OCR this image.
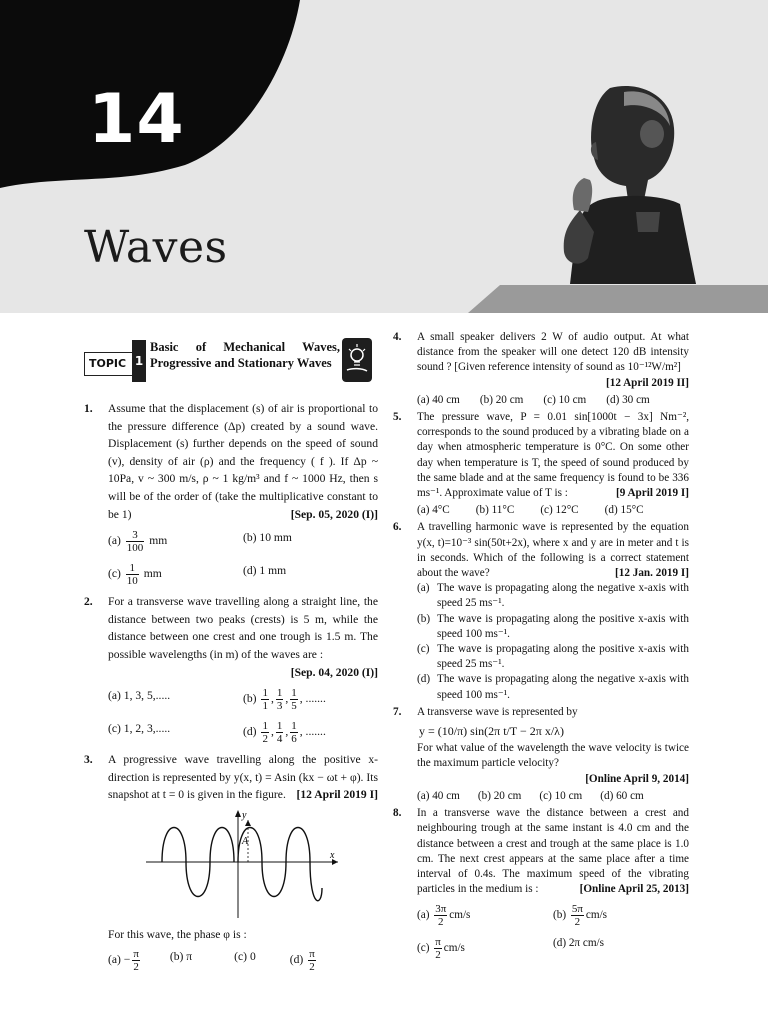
14
Waves
TOPIC 1
Basic of Mechanical Waves, Progressive and Stationary Waves
1. Assume that the displacement (s) of air is proportional to the pressure difference (Δp) created by a sound wave. Displacement (s) further depends on the speed of sound (v), density of air (ρ) and the frequency ( f ). If Δp ~ 10Pa, v ~ 300 m/s, ρ ~ 1 kg/m³ and f ~ 1000 Hz, then s will be of the order of (take the multiplicative constant to be 1)	[Sep. 05, 2020 (I)]
$(a) \frac{3}{100}$ mm	(b) 10 mm
$(c) \frac{1}{10}$ mm	(d) 1 mm
2. For a transverse wave travelling along a straight line, the distance between two peaks (crests) is 5 m, while the distance between one crest and one trough is 1.5 m. The possible wavelengths (in m) of the waves are :
[Sep. 04, 2020 (I)]
(a) 1, 3, 5,.....	$(b) \frac{1}{1}$ , $\frac{1}{3}$ , $\frac{1}{5}$ , .......
(c) 1, 2, 3,.....	$(d) \frac{1}{2}$ , $\frac{1}{4}$ , $\frac{1}{6}$ , .......
3. A progressive wave travelling along the positive x-direction is represented by y(x, t) = Asin (kx − ωt + φ). Its snapshot at t = 0 is given in the figure. [12 April 2019 I]
A
y
x
For this wave, the phase φ is :
$(a) - \frac{\pi}{2}$	(b) π	(c) 0	$(d) \frac{\pi}{2}$
4. A small speaker delivers 2 W of audio output. At what distance from the speaker will one detect 120 dB intensity sound ? [Given reference intensity of sound as 10⁻¹²W/m²]
[12 April 2019 II]
(a) 40 cm (b) 20 cm (c) 10 cm (d) 30 cm
5. The pressure wave, P = 0.01 sin[1000t − 3x] Nm⁻², corresponds to the sound produced by a vibrating blade on a day when atmospheric temperature is 0°C. On some other day when temperature is T, the speed of sound produced by the same blade and at the same frequency is found to be 336 ms⁻¹. Approximate value of T is :	[9 April 2019 I]
(a) 4°C (b) 11°C (c) 12°C (d) 15°C
6. A travelling harmonic wave is represented by the equation y(x, t)=10⁻³ sin(50t+2x), where x and y are in meter and t is in seconds. Which of the following is a correct statement about the wave?	[12 Jan. 2019 I]
(a) The wave is propagating along the negative x-axis with speed 25 ms⁻¹.
(b) The wave is propagating along the positive x-axis with speed 100 ms⁻¹.
(c) The wave is propagating along the positive x-axis with speed 25 ms⁻¹.
(d) The wave is propagating along the negative x-axis with speed 100 ms⁻¹.
7. A transverse wave is represented by
y = (10/π) sin(2π t/T − 2π x/λ)
For what value of the wavelength the wave velocity is twice the maximum particle velocity?
[Online April 9, 2014]
(a) 40 cm (b) 20 cm (c) 10 cm (d) 60 cm
8. In a transverse wave the distance between a crest and neighbouring trough at the same instant is 4.0 cm and the distance between a crest and trough at the same place is 1.0 cm. The next crest appears at the same place after a time interval of 0.4s. The maximum speed of the vibrating particles in the medium is :	[Online April 25, 2013]
$(a) \frac{3\pi}{2} cm/s$	$(b) \frac{5\pi}{2} cm/s$
$(c) \frac{\pi}{2} cm/s$	(d) 2π cm/s
